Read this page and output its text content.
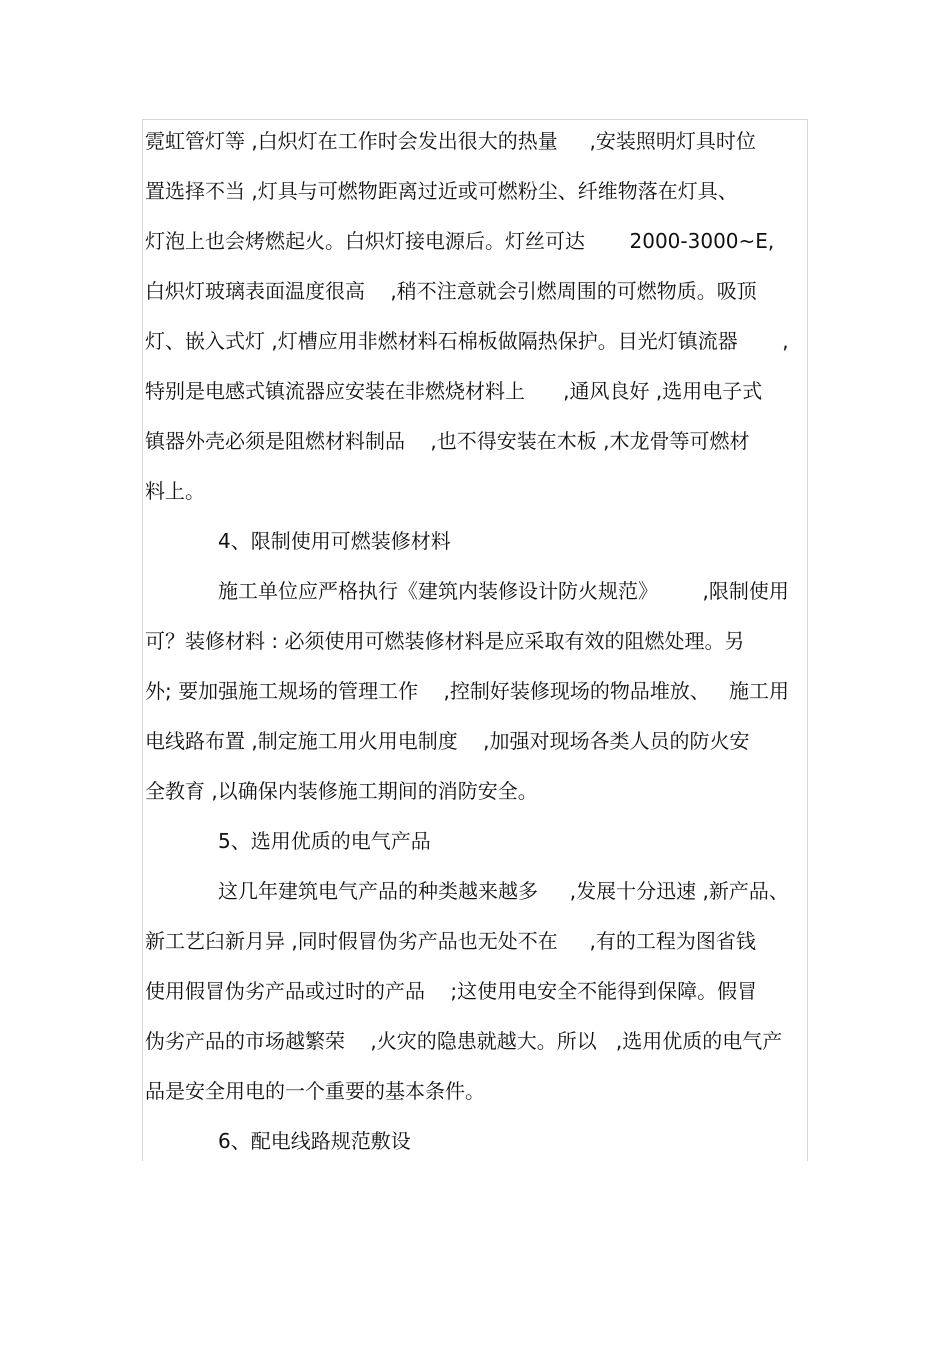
霓虹管灯等 ,白炽灯在工作时会发出很大的热量     ,安装照明灯具时位
置选择不当 ,灯具与可燃物距离过近或可燃粉尘、纤维物落在灯具、
灯泡上也会烤燃起火。白炽灯接电源后。灯丝可达       2000-3000~E,
白炽灯玻璃表面温度很高    ,稍不注意就会引燃周围的可燃物质。吸顶
灯、嵌入式灯 ,灯槽应用非燃材料石棉板做隔热保护。目光灯镇流器       ,
特别是电感式镇流器应安装在非燃烧材料上      ,通风良好 ,选用电子式
镇器外壳必须是阻燃材料制品    ,也不得安装在木板 ,木龙骨等可燃材
料上。
4、限制使用可燃装修材料
施工单位应严格执行《建筑内装修设计防火规范》       ,限制使用
可？装修材料 : 必须使用可燃装修材料是应采取有效的阻燃处理。另
外; 要加强施工规场的管理工作    ,控制好装修现场的物品堆放、   施工用
电线路布置 ,制定施工用火用电制度    ,加强对现场各类人员的防火安
全教育 ,以确保内装修施工期间的消防安全。
5、选用优质的电气产品
这几年建筑电气产品的种类越来越多     ,发展十分迅速 ,新产品、
新工艺臼新月异 ,同时假冒伪劣产品也无处不在     ,有的工程为图省钱
使用假冒伪劣产品或过时的产品    ;这使用电安全不能得到保障。假冒
伪劣产品的市场越繁荣    ,火灾的隐患就越大。所以   ,选用优质的电气产
品是安全用电的一个重要的基本条件。
6、配电线路规范敷设
